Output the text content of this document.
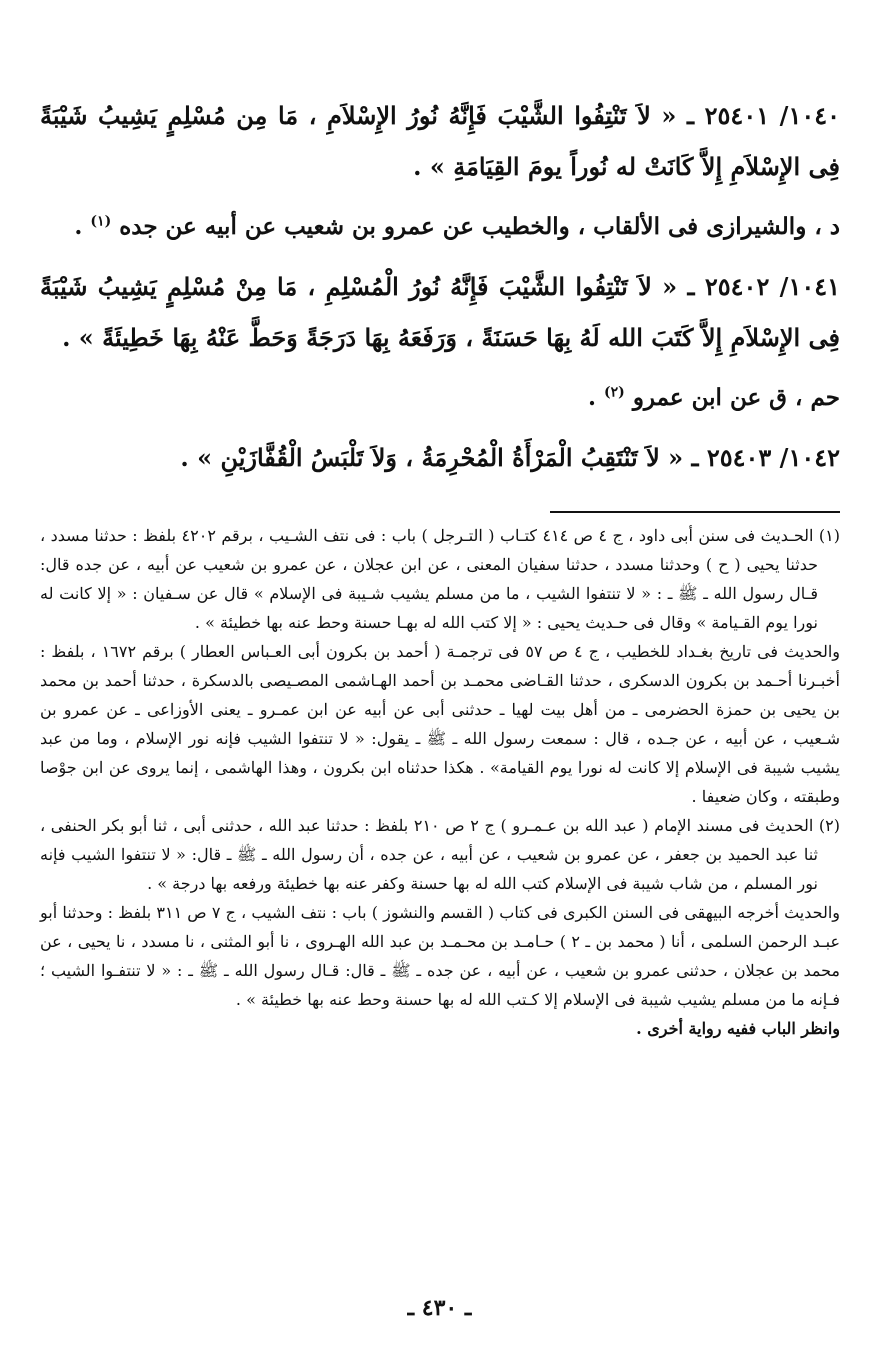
١٠٤٠/ ٢٥٤٠١ ـ « لاَ تَنْتِفُوا الشَّيْبَ فَإِنَّهُ نُورُ الإِسْلاَمِ ، مَا مِن مُسْلِمٍ يَشِيبُ شَيْبَةً فِى الإِسْلاَمِ إِلاَّ كَانَتْ له نُوراً يومَ القِيَامَةِ » .

د ، والشيرازى فى الألقاب ، والخطيب عن عمرو بن شعيب عن أبيه عن جده $^{(١)}$ .

١٠٤١/ ٢٥٤٠٢ ـ « لاَ تَنْتِفُوا الشَّيْبَ فَإِنَّهُ نُورُ الْمُسْلِمِ ، مَا مِنْ مُسْلِمٍ يَشِيبُ شَيْبَةً فِى الإِسْلاَمِ إِلاَّ كَتَبَ الله لَهُ بِهَا حَسَنَةً ، وَرَفَعَهُ بِهَا دَرَجَةً وَحَطَّ عَنْهُ بِهَا خَطِيئَةً » .

حم ، ق عن ابن عمرو $^{(٢)}$ .

١٠٤٢/ ٢٥٤٠٣ ـ « لاَ تَنْتَقِبُ الْمَرْأَةُ الْمُحْرِمَةُ ، وَلاَ تَلْبَسُ الْقُفَّازَيْنِ » .

(١) الحـديث فى سنن أبى داود ، ج ٤ ص ٤١٤ كتـاب ( التـرجل ) باب : فى نتف الشـيب ، برقم ٤٢٠٢ بلفظ : حدثنا مسدد ، حدثنا يحيى ( ح ) وحدثنا مسدد ، حدثنا سفيان المعنى ، عن ابن عجلان ، عن عمرو بن شعيب عن أبيه ، عن جده قال: قـال رسول الله ـ ﷺ ـ : « لا تنتفوا الشيب ، ما من مسلم يشيب شـيبة فى الإسلام » قال عن سـفيان : « إلا كانت له نورا يوم القـيامة » وقال فى حـديث يحيى : « إلا كتب الله له بهـا حسنة وحط عنه بها خطيئة » .

والحديث فى تاريخ بغـداد للخطيب ، ج ٤ ص ٥٧ فى ترجمـة ( أحمد بن بكرون أبى العـباس العطار ) برقم ١٦٧٢ ، بلفظ : أخبـرنا أحـمد بن بكرون الدسكرى ، حدثنا القـاضى محمـد بن أحمد الهـاشمى المصـيصى بالدسكرة ، حدثنا أحمد بن محمد بن يحيى بن حمزة الحضرمى ـ من أهل بيت لهيا ـ حدثنى أبى عن أبيه عن ابن عمـرو ـ يعنى الأوزاعى ـ عن عمرو بن شـعيب ، عن أبيه ، عن جـده ، قال : سمعت رسول الله ـ ﷺ ـ يقول: « لا تنتفوا الشيب فإنه نور الإسلام ، وما من عبد يشيب شيبة فى الإسلام إلا كانت له نورا يوم القيامة» . هكذا حدثناه ابن بكرون ، وهذا الهاشمى ، إنما يروى عن ابن جوْصا وطبقته ، وكان ضعيفا .

(٢) الحديث فى مسند الإمام ( عبد الله بن عـمـرو ) ج ٢ ص ٢١٠ بلفظ : حدثنا عبد الله ، حدثنى أبى ، ثنا أبو بكر الحنفى ، ثنا عبد الحميد بن جعفر ، عن عمرو بن شعيب ، عن أبيه ، عن جده ، أن رسول الله ـ ﷺ ـ قال: « لا تنتفوا الشيب فإنه نور المسلم ، من شاب شيبة فى الإسلام كتب الله له بها حسنة وكفر عنه بها خطيئة ورفعه بها درجة » .

والحديث أخرجه البيهقى فى السنن الكبرى فى كتاب ( القسم والنشوز ) باب : نتف الشيب ، ج ٧ ص ٣١١ بلفظ : وحدثنا أبو عبـد الرحمن السلمى ، أنا ( محمد بن ـ ٢ ) حـامـد بن محـمـد بن عبد الله الهـروى ، نا أبو المثنى ، نا مسدد ، نا يحيى ، عن محمد بن عجلان ، حدثنى عمرو بن شعيب ، عن أبيه ، عن جده ـ ﷺ ـ قال: قـال رسول الله ـ ﷺ ـ : « لا تنتفـوا الشيب ؛ فـإنه ما من مسلم يشيب شيبة فى الإسلام إلا كـتب الله له بها حسنة وحط عنه بها خطيئة » .

وانظر الباب ففيه رواية أخرى .

ـ ٤٣٠ ـ
